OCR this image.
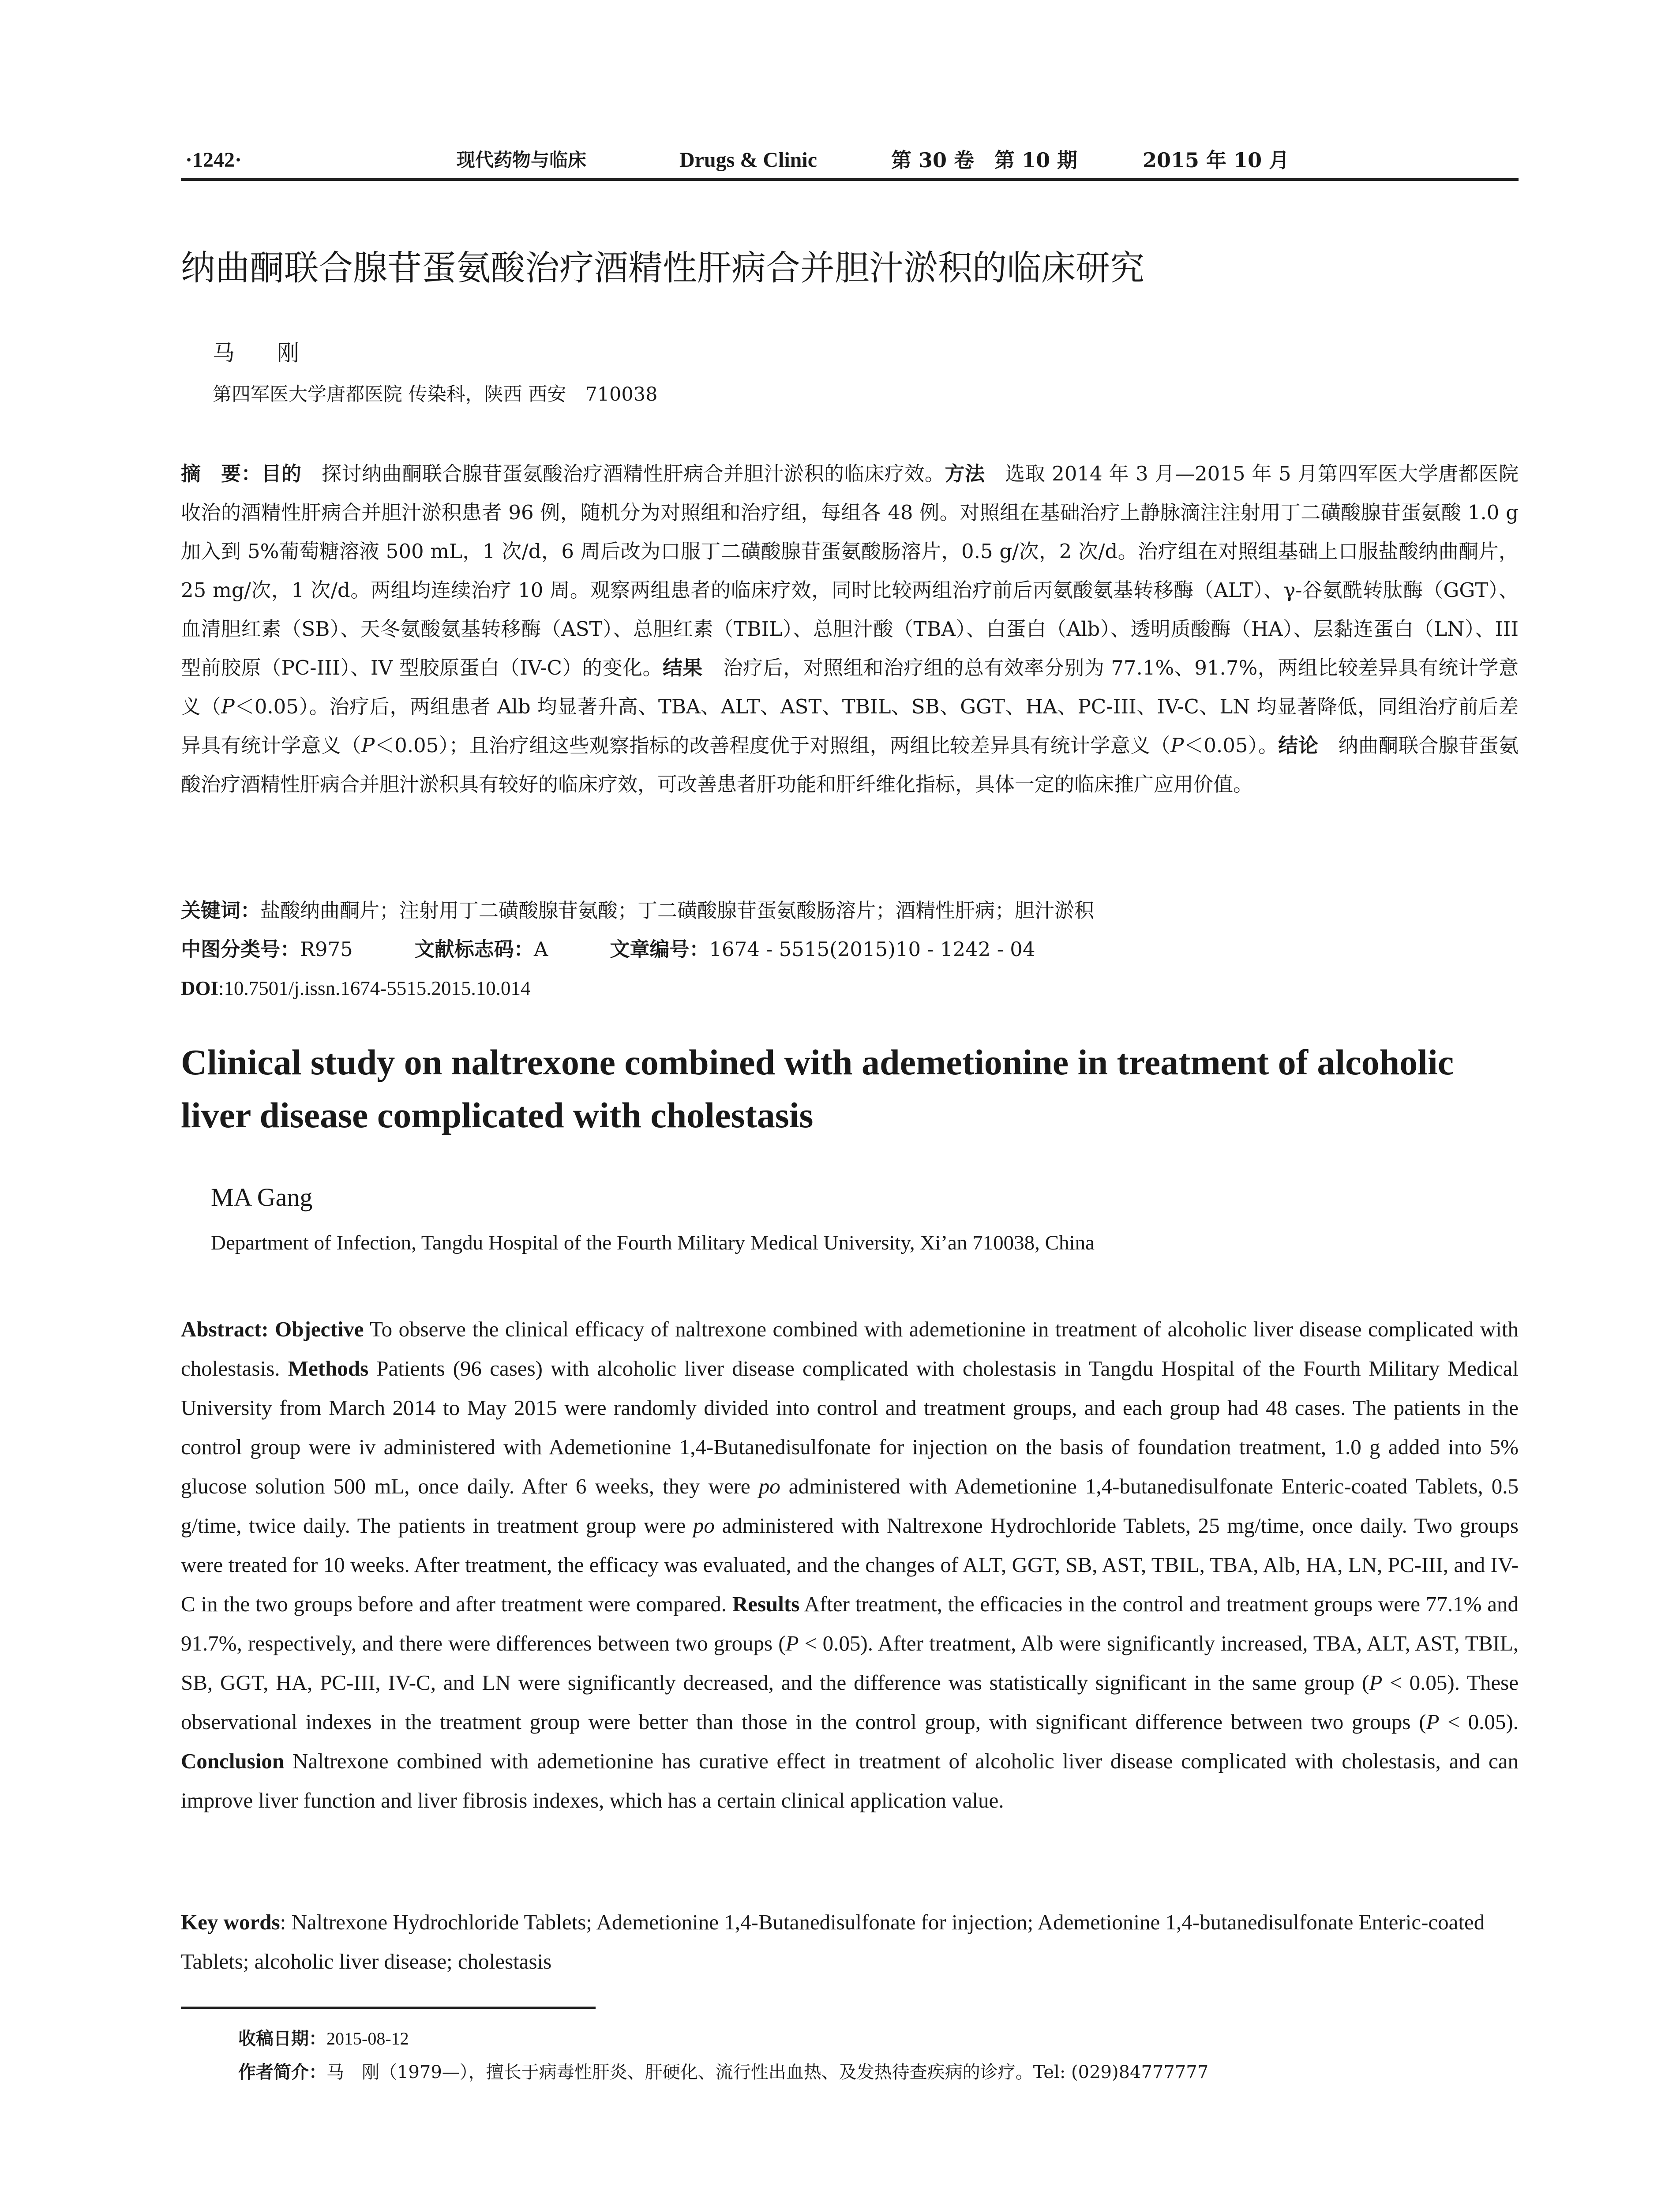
·1242·	现代药物与临床	Drugs & Clinic	第 30 卷　第 10 期	2015 年 10 月
纳曲酮联合腺苷蛋氨酸治疗酒精性肝病合并胆汁淤积的临床研究
马 刚
第四军医大学唐都医院 传染科，陕西 西安　710038
摘　要：目的　探讨纳曲酮联合腺苷蛋氨酸治疗酒精性肝病合并胆汁淤积的临床疗效。方法　选取 2014 年 3 月—2015 年 5 月第四军医大学唐都医院收治的酒精性肝病合并胆汁淤积患者 96 例，随机分为对照组和治疗组，每组各 48 例。对照组在基础治疗上静脉滴注注射用丁二磺酸腺苷蛋氨酸 1.0 g 加入到 5%葡萄糖溶液 500 mL，1 次/d，6 周后改为口服丁二磺酸腺苷蛋氨酸肠溶片，0.5 g/次，2 次/d。治疗组在对照组基础上口服盐酸纳曲酮片，25 mg/次，1 次/d。两组均连续治疗 10 周。观察两组患者的临床疗效，同时比较两组治疗前后丙氨酸氨基转移酶（ALT）、γ-谷氨酰转肽酶（GGT）、血清胆红素（SB）、天冬氨酸氨基转移酶（AST）、总胆红素（TBIL）、总胆汁酸（TBA）、白蛋白（Alb）、透明质酸酶（HA）、层黏连蛋白（LN）、III 型前胶原（PC-III）、IV 型胶原蛋白（IV-C）的变化。结果　治疗后，对照组和治疗组的总有效率分别为 77.1%、91.7%，两组比较差异具有统计学意义（P＜0.05）。治疗后，两组患者 Alb 均显著升高、TBA、ALT、AST、TBIL、SB、GGT、HA、PC-III、IV-C、LN 均显著降低，同组治疗前后差异具有统计学意义（P＜0.05）；且治疗组这些观察指标的改善程度优于对照组，两组比较差异具有统计学意义（P＜0.05）。结论　纳曲酮联合腺苷蛋氨酸治疗酒精性肝病合并胆汁淤积具有较好的临床疗效，可改善患者肝功能和肝纤维化指标，具体一定的临床推广应用价值。
关键词：盐酸纳曲酮片；注射用丁二磺酸腺苷氨酸；丁二磺酸腺苷蛋氨酸肠溶片；酒精性肝病；胆汁淤积
中图分类号：R975	文献标志码：A	文章编号：1674 - 5515(2015)10 - 1242 - 04
DOI:10.7501/j.issn.1674-5515.2015.10.014
Clinical study on naltrexone combined with ademetionine in treatment of alcoholic liver disease complicated with cholestasis
MA Gang
Department of Infection, Tangdu Hospital of the Fourth Military Medical University, Xi’an 710038, China
Abstract: Objective To observe the clinical efficacy of naltrexone combined with ademetionine in treatment of alcoholic liver disease complicated with cholestasis. Methods Patients (96 cases) with alcoholic liver disease complicated with cholestasis in Tangdu Hospital of the Fourth Military Medical University from March 2014 to May 2015 were randomly divided into control and treatment groups, and each group had 48 cases. The patients in the control group were iv administered with Ademetionine 1,4-Butanedisulfonate for injection on the basis of foundation treatment, 1.0 g added into 5% glucose solution 500 mL, once daily. After 6 weeks, they were po administered with Ademetionine 1,4-butanedisulfonate Enteric-coated Tablets, 0.5 g/time, twice daily. The patients in treatment group were po administered with Naltrexone Hydrochloride Tablets, 25 mg/time, once daily. Two groups were treated for 10 weeks. After treatment, the efficacy was evaluated, and the changes of ALT, GGT, SB, AST, TBIL, TBA, Alb, HA, LN, PC-III, and IV-C in the two groups before and after treatment were compared. Results After treatment, the efficacies in the control and treatment groups were 77.1% and 91.7%, respectively, and there were differences between two groups (P < 0.05). After treatment, Alb were significantly increased, TBA, ALT, AST, TBIL, SB, GGT, HA, PC-III, IV-C, and LN were significantly decreased, and the difference was statistically significant in the same group (P < 0.05). These observational indexes in the treatment group were better than those in the control group, with significant difference between two groups (P < 0.05). Conclusion Naltrexone combined with ademetionine has curative effect in treatment of alcoholic liver disease complicated with cholestasis, and can improve liver function and liver fibrosis indexes, which has a certain clinical application value.
Key words: Naltrexone Hydrochloride Tablets; Ademetionine 1,4-Butanedisulfonate for injection; Ademetionine 1,4-butanedisulfonate Enteric-coated Tablets; alcoholic liver disease; cholestasis
收稿日期：2015-08-12
作者简介：马　刚（1979—），擅长于病毒性肝炎、肝硬化、流行性出血热、及发热待查疾病的诊疗。Tel: (029)84777777
